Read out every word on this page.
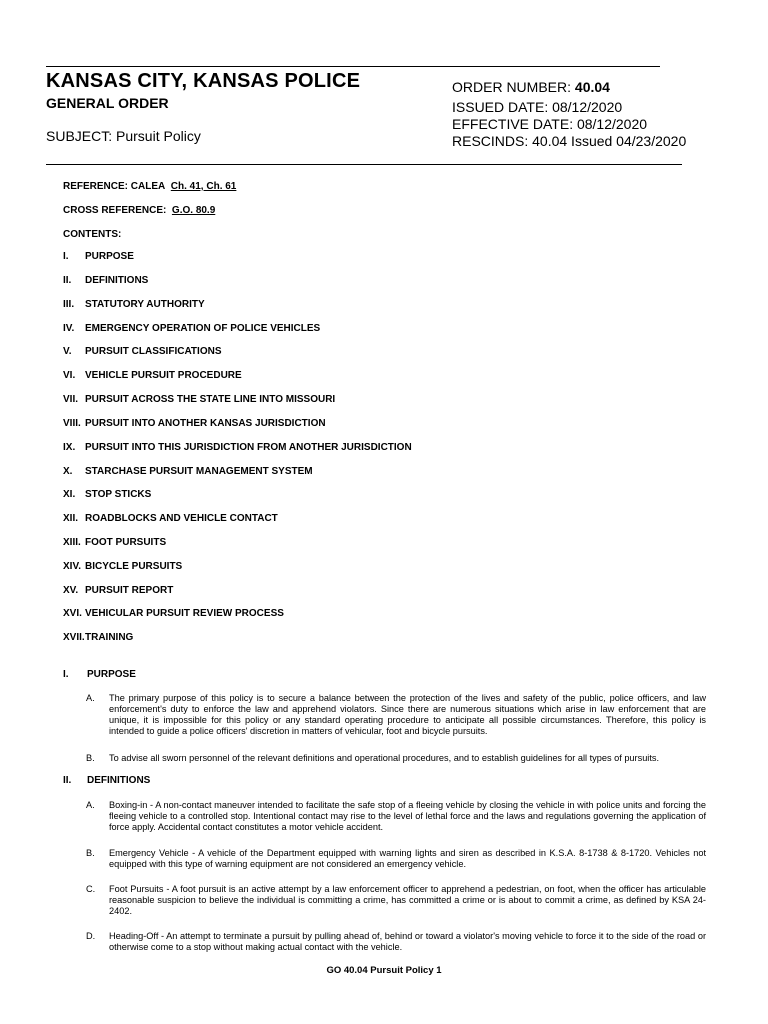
KANSAS CITY, KANSAS POLICE
GENERAL ORDER
SUBJECT: Pursuit Policy
ORDER NUMBER: 40.04
ISSUED DATE: 08/12/2020
EFFECTIVE DATE: 08/12/2020
RESCINDS: 40.04 Issued 04/23/2020
REFERENCE: CALEA Ch. 41, Ch. 61
CROSS REFERENCE: G.O. 80.9
CONTENTS:
I. PURPOSE
II. DEFINITIONS
III. STATUTORY AUTHORITY
IV. EMERGENCY OPERATION OF POLICE VEHICLES
V. PURSUIT CLASSIFICATIONS
VI. VEHICLE PURSUIT PROCEDURE
VII. PURSUIT ACROSS THE STATE LINE INTO MISSOURI
VIII. PURSUIT INTO ANOTHER KANSAS JURISDICTION
IX. PURSUIT INTO THIS JURISDICTION FROM ANOTHER JURISDICTION
X. STARCHASE PURSUIT MANAGEMENT SYSTEM
XI. STOP STICKS
XII. ROADBLOCKS AND VEHICLE CONTACT
XIII. FOOT PURSUITS
XIV. BICYCLE PURSUITS
XV. PURSUIT REPORT
XVI. VEHICULAR PURSUIT REVIEW PROCESS
XVII.TRAINING
I. PURPOSE
A. The primary purpose of this policy is to secure a balance between the protection of the lives and safety of the public, police officers, and law enforcement's duty to enforce the law and apprehend violators. Since there are numerous situations which arise in law enforcement that are unique, it is impossible for this policy or any standard operating procedure to anticipate all possible circumstances. Therefore, this policy is intended to guide a police officers' discretion in matters of vehicular, foot and bicycle pursuits.
B. To advise all sworn personnel of the relevant definitions and operational procedures, and to establish guidelines for all types of pursuits.
II. DEFINITIONS
A. Boxing-in - A non-contact maneuver intended to facilitate the safe stop of a fleeing vehicle by closing the vehicle in with police units and forcing the fleeing vehicle to a controlled stop. Intentional contact may rise to the level of lethal force and the laws and regulations governing the application of force apply. Accidental contact constitutes a motor vehicle accident.
B. Emergency Vehicle - A vehicle of the Department equipped with warning lights and siren as described in K.S.A. 8-1738 & 8-1720. Vehicles not equipped with this type of warning equipment are not considered an emergency vehicle.
C. Foot Pursuits - A foot pursuit is an active attempt by a law enforcement officer to apprehend a pedestrian, on foot, when the officer has articulable reasonable suspicion to believe the individual is committing a crime, has committed a crime or is about to commit a crime, as defined by KSA 24-2402.
D. Heading-Off - An attempt to terminate a pursuit by pulling ahead of, behind or toward a violator's moving vehicle to force it to the side of the road or otherwise come to a stop without making actual contact with the vehicle.
GO 40.04 Pursuit Policy 1
